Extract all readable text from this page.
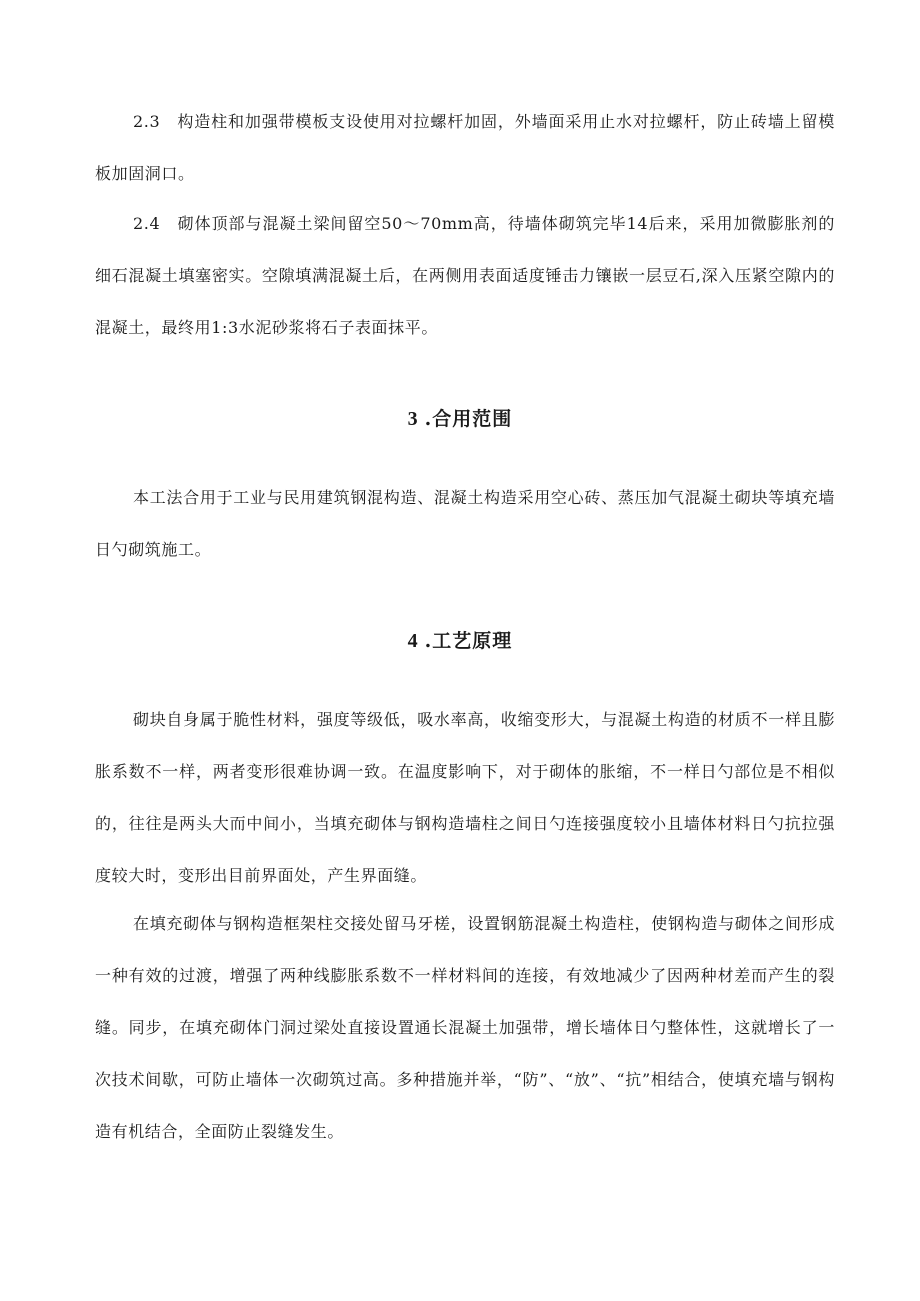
2.3　构造柱和加强带模板支设使用对拉螺杆加固，外墙面采用止水对拉螺杆，防止砖墙上留模板加固洞口。

2.4　砌体顶部与混凝土梁间留空50～70mm高，待墙体砌筑完毕14后来，采用加微膨胀剂的细石混凝土填塞密实。空隙填满混凝土后，在两侧用表面适度锤击力镶嵌一层豆石,深入压紧空隙内的混凝土，最终用1:3水泥砂浆将石子表面抹平。

3 .合用范围

本工法合用于工业与民用建筑钢混构造、混凝土构造采用空心砖、蒸压加气混凝土砌块等填充墙日勺砌筑施工。

4 .工艺原理

砌块自身属于脆性材料，强度等级低，吸水率高，收缩变形大，与混凝土构造的材质不一样且膨胀系数不一样，两者变形很难协调一致。在温度影响下，对于砌体的胀缩，不一样日勺部位是不相似的，往往是两头大而中间小，当填充砌体与钢构造墙柱之间日勺连接强度较小且墙体材料日勺抗拉强度较大时，变形出目前界面处，产生界面缝。

在填充砌体与钢构造框架柱交接处留马牙槎，设置钢筋混凝土构造柱，使钢构造与砌体之间形成一种有效的过渡，增强了两种线膨胀系数不一样材料间的连接，有效地减少了因两种材差而产生的裂缝。同步，在填充砌体门洞过梁处直接设置通长混凝土加强带，增长墙体日勺整体性，这就增长了一次技术间歇，可防止墙体一次砌筑过高。多种措施并举，“防”、“放”、“抗”相结合，使填充墙与钢构造有机结合，全面防止裂缝发生。
